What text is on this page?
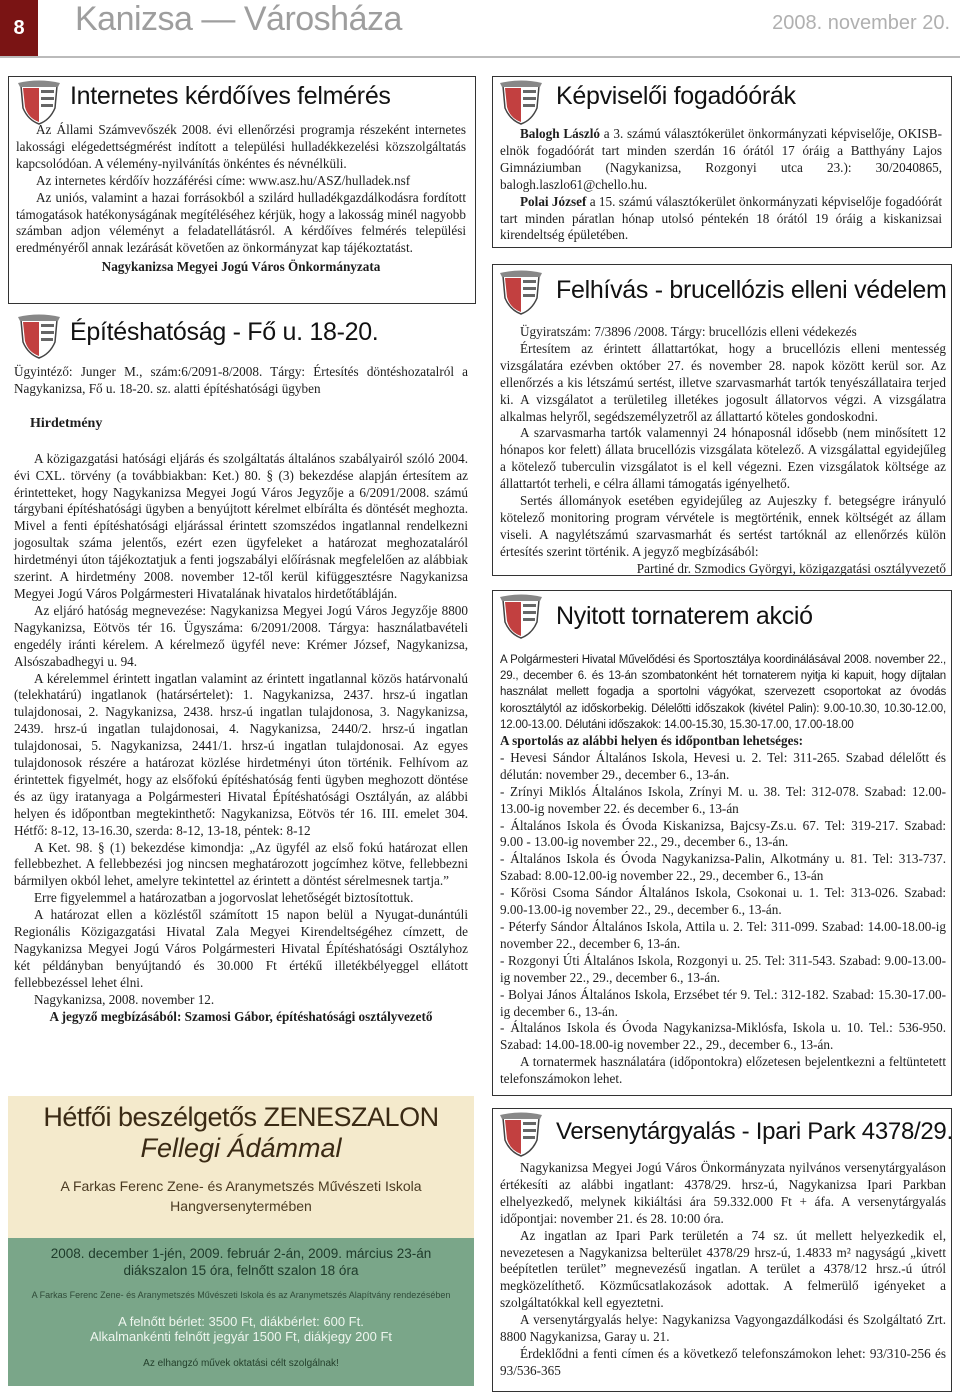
8	Kanizsa — Városháza	2008. november 20.
Internetes kérdőíves felmérés

Az Állami Számvevőszék 2008. évi ellenőrzési programja részeként internetes lakossági elégedettségmérést indított a települési hulladékkezelési közszolgáltatás kapcsolódóan. A vélemény-nyilvánítás önkéntes és névnélküli.

Az internetes kérdőív hozzáférési címe: www.asz.hu/ASZ/hulladek.nsf

Az uniós, valamint a hazai forrásokból a szilárd hulladékgazdálkodásra fordított támogatások hatékonyságának megítéléséhez kérjük, hogy a lakosság minél nagyobb számban adjon véleményt a feladatellátásról. A kérdőíves felmérés települési eredményéről annak lezárását követően az önkormányzat kap tájékoztatást.

Nagykanizsa Megyei Jogú Város Önkormányzata

Építéshatóság - Fő u. 18-20.

Ügyintéző: Junger M., szám:6/2091-8/2008. Tárgy: Értesítés döntéshozatalról a Nagykanizsa, Fő u. 18-20. sz. alatti építéshatósági ügyben

Hirdetmény

A közigazgatási hatósági eljárás és szolgáltatás általános szabályairól szóló 2004. évi CXL. törvény (a továbbiakban: Ket.) 80. § (3) bekezdése alapján értesítem az érintetteket, hogy Nagykanizsa Megyei Jogú Város Jegyzője a 6/2091/2008. számú tárgybani építéshatósági ügyben a benyújtott kérelmet elbírálta és döntését meghozta. Mivel a fenti építéshatósági eljárással érintett szomszédos ingatlannal rendelkezni jogosultak száma jelentős, ezért ezen ügyfeleket a határozat meghozataláról hirdetményi úton tájékoztatjuk a fenti jogszabályi előírásnak megfelelően az alábbiak szerint. A hirdetmény 2008. november 12-től kerül kifüggesztésre Nagykanizsa Megyei Jogú Város Polgármesteri Hivatalának hivatalos hirdetőtábláján.

Az eljáró hatóság megnevezése: Nagykanizsa Megyei Jogú Város Jegyzője 8800 Nagykanizsa, Eötvös tér 16. Ügyszáma: 6/2091/2008. Tárgya: használatbavételi engedély iránti kérelem. A kérelmező ügyfél neve: Krémer József, Nagykanizsa, Alsószabadhegyi u. 94.

A kérelemmel érintett ingatlan valamint az érintett ingatlannal közös határvonalú (telekhatárú) ingatlanok (határsértelet): 1. Nagykanizsa, 2437. hrsz-ú ingatlan tulajdonosai, 2. Nagykanizsa, 2438. hrsz-ú ingatlan tulajdonosa, 3. Nagykanizsa, 2439. hrsz-ú ingatlan tulajdonosai, 4. Nagykanizsa, 2440/2. hrsz-ú ingatlan tulajdonosai, 5. Nagykanizsa, 2441/1. hrsz-ú ingatlan tulajdonosai. Az egyes tulajdonosok részére a határozat közlése hirdetményi úton történik. Felhívom az érintettek figyelmét, hogy az elsőfokú építéshatóság fenti ügyben meghozott döntése és az ügy iratanyaga a Polgármesteri Hivatal Építéshatósági Osztályán, az alábbi helyen és időpontban megtekinthető: Nagykanizsa, Eötvös tér 16. III. emelet 304. Hétfő: 8-12, 13-16.30, szerda: 8-12, 13-18, péntek: 8-12

A Ket. 98. § (1) bekezdése kimondja: „Az ügyfél az első fokú határozat ellen fellebbezhet. A fellebbezési jog nincsen meghatározott jogcímhez kötve, fellebbezni bármilyen okból lehet, amelyre tekintettel az érintett a döntést sérelmesnek tartja.”

Erre figyelemmel a határozatban a jogorvoslat lehetőségét biztosítottuk.

A határozat ellen a közléstől számított 15 napon belül a Nyugat-dunántúli Regionális Közigazgatási Hivatal Zala Megyei Kirendeltségéhez címzett, de Nagykanizsa Megyei Jogú Város Polgármesteri Hivatal Építéshatósági Osztályhoz két példányban benyújtandó és 30.000 Ft értékű illetékbélyeggel ellátott fellebbezéssel lehet élni.

Nagykanizsa, 2008. november 12.

A jegyző megbízásából: Szamosi Gábor, építéshatósági osztályvezető

Hétfői beszélgetős ZENESZALON
Fellegi Ádámmal
A Farkas Ferenc Zene- és Aranymetszés Művészeti Iskola
Hangversenytermében
2008. december 1-jén, 2009. február 2-án, 2009. március 23-án
diákszalon 15 óra, felnőtt szalon 18 óra
A Farkas Ferenc Zene- és Aranymetszés Művészeti Iskola és az Aranymetszés Alapítvány rendezésében
A felnőtt bérlet: 3500 Ft, diákbérlet: 600 Ft.
Alkalmankénti felnőtt jegyár 1500 Ft, diákjegy 200 Ft
Az elhangzó művek oktatási célt szolgálnak!
Képviselői fogadóórák

Balogh László a 3. számú választókerület önkormányzati képviselője, OKISB-elnök fogadóórát tart minden szerdán 16 órától 17 óráig a Batthyány Lajos Gimnáziumban (Nagykanizsa, Rozgonyi utca 23.): 30/2040865, balogh.laszlo61@chello.hu.

Polai József a 15. számú választókerület önkormányzati képviselője fogadóórát tart minden páratlan hónap utolsó péntekén 18 órától 19 óráig a kiskanizsai kirendeltség épületében.

Felhívás - brucellózis elleni védelem

Ügyiratszám: 7/3896 /2008. Tárgy: brucellózis elleni védekezés

Értesítem az érintett állattartókat, hogy a brucellózis elleni mentesség vizsgálatára ezévben október 27. és november 28. napok között kerül sor. Az ellenőrzés a kis létszámú sertést, illetve szarvasmarhát tartók tenyészállataira terjed ki. A vizsgálatot a területileg illetékes jogosult állatorvos végzi. A vizsgálatra alkalmas helyről, segédszemélyzetről az állattartó köteles gondoskodni.

A szarvasmarha tartók valamennyi 24 hónaposnál idősebb (nem minősített 12 hónapos kor felett) állata brucellózis vizsgálata kötelező. A vizsgálattal egyidejűleg a kötelező tuberculin vizsgálatot is el kell végezni. Ezen vizsgálatok költsége az állattartót terheli, e célra állami támogatás igényelhető.

Sertés állományok esetében egyidejűleg az Aujeszky f. betegségre irányuló kötelező monitoring program vérvétele is megtörténik, ennek költségét az állam viseli. A nagylétszámú szarvasmarhát és sertést tartóknál az ellenőrzés külön értesítés szerint történik. A jegyző megbízásából:

Partiné dr. Szmodics Györgyi, közigazgatási osztályvezető

Nyitott tornaterem akció

A Polgármesteri Hivatal Művelődési és Sportosztálya koordinálásával 2008. november 22., 29., december 6. és 13-án szombatonként hét tornaterem nyitja ki kapuit, hogy díjtalan használat mellett fogadja a sportolni vágyókat, szervezett csoportokat az óvodás korosztálytól az időskorbekig. Délelőtti időszakok (kivétel Palin): 9.00-10.30, 10.30-12.00, 12.00-13.00. Délutáni időszakok: 14.00-15.30, 15.30-17.00, 17.00-18.00

A sportolás az alábbi helyen és időpontban lehetséges:

- Hevesi Sándor Általános Iskola, Hevesi u. 2. Tel: 311-265. Szabad délelőtt és délután: november 29., december 6., 13-án.

- Zrínyi Miklós Általános Iskola, Zrínyi M. u. 38. Tel: 312-078. Szabad: 12.00- 13.00-ig november 22. és december 6., 13-án

- Általános Iskola és Óvoda Kiskanizsa, Bajcsy-Zs.u. 67. Tel: 319-217. Szabad: 9.00 - 13.00-ig november 22., 29., december 6., 13-án.

- Általános Iskola és Óvoda Nagykanizsa-Palin, Alkotmány u. 81. Tel: 313-737. Szabad: 8.00-12.00-ig november 22., 29., december 6., 13-án

- Kőrösi Csoma Sándor Általános Iskola, Csokonai u. 1. Tel: 313-026. Szabad: 9.00-13.00-ig november 22., 29., december 6., 13-án.

- Péterfy Sándor Általános Iskola, Attila u. 2. Tel: 311-099. Szabad: 14.00-18.00-ig november 22., december 6, 13-án.

- Rozgonyi Úti Általános Iskola, Rozgonyi u. 25. Tel: 311-543. Szabad: 9.00-13.00-ig november 22., 29., december 6., 13-án.

- Bolyai János Általános Iskola, Erzsébet tér 9. Tel.: 312-182. Szabad: 15.30-17.00-ig december 6., 13-án.

- Általános Iskola és Óvoda Nagykanizsa-Miklósfa, Iskola u. 10. Tel.: 536-950. Szabad: 14.00-18.00-ig november 22., 29., december 6., 13-án.

A tornatermek használatára (időpontokra) előzetesen bejelentkezni a feltüntetett telefonszámokon lehet.

Versenytárgyalás - Ipari Park 4378/29.

Nagykanizsa Megyei Jogú Város Önkormányzata nyilvános versenytárgyaláson értékesíti az alábbi ingatlant: 4378/29. hrsz-ú, Nagykanizsa Ipari Parkban elhelyezkedő, melynek kikiáltási ára 59.332.000 Ft + áfa. A versenytárgyalás időpontjai: november 21. és 28. 10:00 óra.

Az ingatlan az Ipari Park területén a 74 sz. út mellett helyezkedik el, nevezetesen a Nagykanizsa belterület 4378/29 hrsz-ú, 1.4833 m² nagyságú „kivett beépítetlen terület” megnevezésű ingatlan. A terület a 4378/12 hrsz.-ú útról megközelíthető. Közműcsatlakozások adottak. A felmerülő igényeket a szolgáltatókkal kell egyeztetni.

A versenytárgyalás helye: Nagykanizsa Vagyongazdálkodási és Szolgáltató Zrt. 8800 Nagykanizsa, Garay u. 21.

Érdeklődni a fenti címen és a következő telefonszámokon lehet: 93/310-256 és 93/536-365
